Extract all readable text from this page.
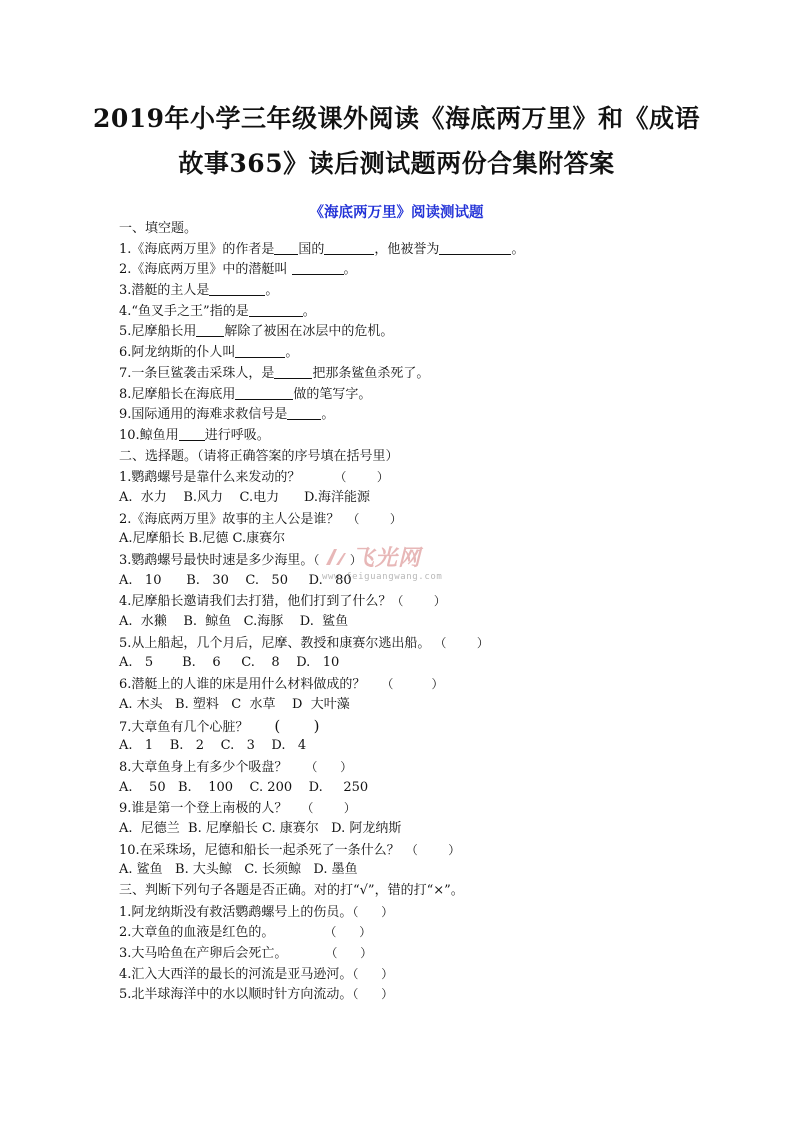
2019年小学三年级课外阅读《海底两万里》和《成语
故事365》读后测试题两份合集附答案
《海底两万里》阅读测试题
飞光网
www.feiguangwang.com
一、填空题。
1.《海底两万里》的作者是 国的	，他被誉为	。
2.《海底两万里》中的潜艇叫	。
3.潜艇的主人是	。
4.“鱼叉手之王”指的是	。
5.尼摩船长用 解除了被困在冰层中的危机。
6.阿龙纳斯的仆人叫	。
7.一条巨鲨袭击采珠人，是	把那条鲨鱼杀死了。
8.尼摩船长在海底用	做的笔写字。
9.国际通用的海难求救信号是	。
10.鲸鱼用 进行呼吸。
二、选择题。（请将正确答案的序号填在括号里）
1.鹦鹉螺号是靠什么来发动的？	（        ）
A.  水力    B.风力    C.电力      D.海洋能源
2.《海底两万里》故事的主人公是谁？ （        ）
A.尼摩船长 B.尼德 C.康赛尔
3.鹦鹉螺号最快时速是多少海里。（        ）
A.   10      B.   30    C.   50     D.   80
4.尼摩船长邀请我们去打猎，他们打到了什么？（        ）
A.  水獭    B.  鲸鱼   C.海豚    D.  鲨鱼
5.从上船起，几个月后，尼摩、教授和康赛尔逃出船。 （        ）
A.   5       B.    6     C.    8    D.   10
6.潜艇上的人谁的床是用什么材料做成的？ （          ）
A. 木头   B. 塑料   C  水草    D  大叶藻
7.大章鱼有几个心脏？ (       )
A.   1    B.   2    C.   3    D.   4
8.大章鱼身上有多少个吸盘？ （      ）
A.    50   B.    100    C. 200    D.     250
9.谁是第一个登上南极的人？ （        ）
A.  尼德兰  B. 尼摩船长 C. 康赛尔   D. 阿龙纳斯
10.在采珠场，尼德和船长一起杀死了一条什么？ （        ）
A. 鲨鱼   B. 大头鲸   C. 长须鲸   D. 墨鱼
三、判断下列句子各题是否正确。对的打“√”，错的打“×”。
1.阿龙纳斯没有救活鹦鹉螺号上的伤员。（      ）
2.大章鱼的血液是红色的。	（      ）
3.大马哈鱼在产卵后会死亡。	（      ）
4.汇入大西洋的最长的河流是亚马逊河。（      ）
5.北半球海洋中的水以顺时针方向流动。（      ）
